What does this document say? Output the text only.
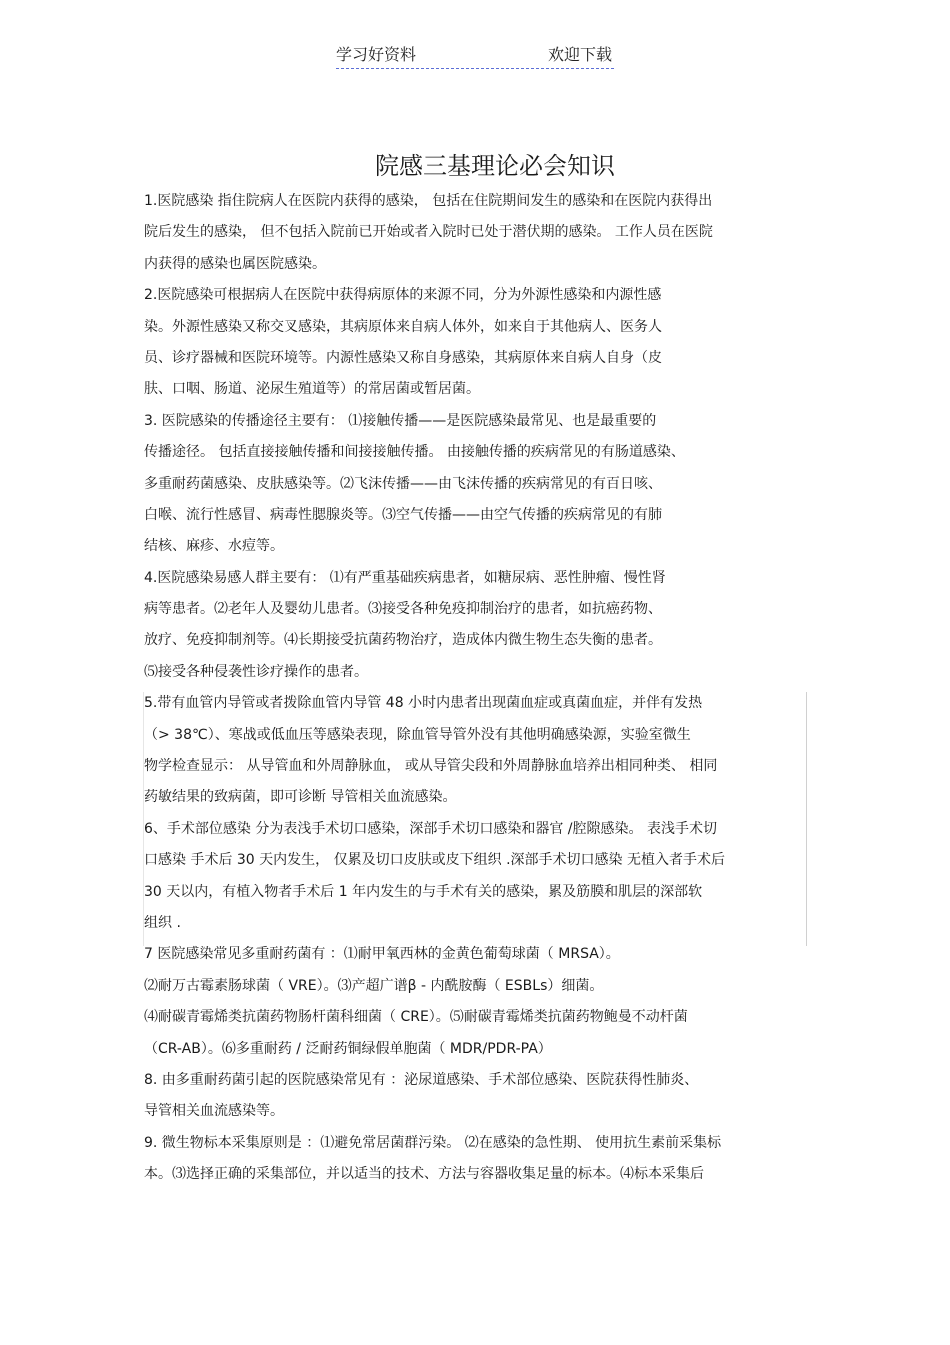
学习好资料	欢迎下载
院感三基理论必会知识
1.医院感染 指住院病人在医院内获得的感染， 包括在住院期间发生的感染和在医院内获得出
院后发生的感染， 但不包括入院前已开始或者入院时已处于潜伏期的感染。 工作人员在医院
内获得的感染也属医院感染。
2.医院感染可根据病人在医院中获得病原体的来源不同，分为外源性感染和内源性感
染。外源性感染又称交叉感染，其病原体来自病人体外，如来自于其他病人、医务人
员、诊疗器械和医院环境等。内源性感染又称自身感染，其病原体来自病人自身（皮
肤、口咽、肠道、泌尿生殖道等）的常居菌或暂居菌。
3. 医院感染的传播途径主要有： ⑴接触传播——是医院感染最常见、也是最重要的
传播途径。 包括直接接触传播和间接接触传播。 由接触传播的疾病常见的有肠道感染、
多重耐药菌感染、皮肤感染等。⑵飞沫传播——由飞沫传播的疾病常见的有百日咳、
白喉、流行性感冒、病毒性腮腺炎等。⑶空气传播——由空气传播的疾病常见的有肺
结核、麻疹、水痘等。
4.医院感染易感人群主要有： ⑴有严重基础疾病患者，如糖尿病、恶性肿瘤、慢性肾
病等患者。⑵老年人及婴幼儿患者。⑶接受各种免疫抑制治疗的患者，如抗癌药物、
放疗、免疫抑制剂等。⑷长期接受抗菌药物治疗，造成体内微生物生态失衡的患者。
⑸接受各种侵袭性诊疗操作的患者。
5.带有血管内导管或者拨除血管内导管 48 小时内患者出现菌血症或真菌血症，并伴有发热
（> 38℃）、寒战或低血压等感染表现，除血管导管外没有其他明确感染源，实验室微生
物学检查显示： 从导管血和外周静脉血， 或从导管尖段和外周静脉血培养出相同种类、 相同
药敏结果的致病菌，即可诊断 导管相关血流感染。
6、手术部位感染 分为表浅手术切口感染，深部手术切口感染和器官 /腔隙感染。 表浅手术切
口感染 手术后 30 天内发生， 仅累及切口皮肤或皮下组织 .深部手术切口感染 无植入者手术后
30 天以内，有植入物者手术后 1 年内发生的与手术有关的感染，累及筋膜和肌层的深部软
组织 .
7 医院感染常见多重耐药菌有 ：⑴耐甲氧西林的金黄色葡萄球菌（ MRSA）。
⑵耐万古霉素肠球菌（ VRE）。⑶产超广谱β - 内酰胺酶（ ESBLs）细菌。
⑷耐碳青霉烯类抗菌药物肠杆菌科细菌（ CRE）。⑸耐碳青霉烯类抗菌药物鲍曼不动杆菌
（CR-AB）。⑹多重耐药 / 泛耐药铜绿假单胞菌（ MDR/PDR-PA）
8. 由多重耐药菌引起的医院感染常见有 ：泌尿道感染、手术部位感染、医院获得性肺炎、
导管相关血流感染等。
9. 微生物标本采集原则是 ：⑴避免常居菌群污染。 ⑵在感染的急性期、 使用抗生素前采集标
本。⑶选择正确的采集部位，并以适当的技术、方法与容器收集足量的标本。⑷标本采集后
